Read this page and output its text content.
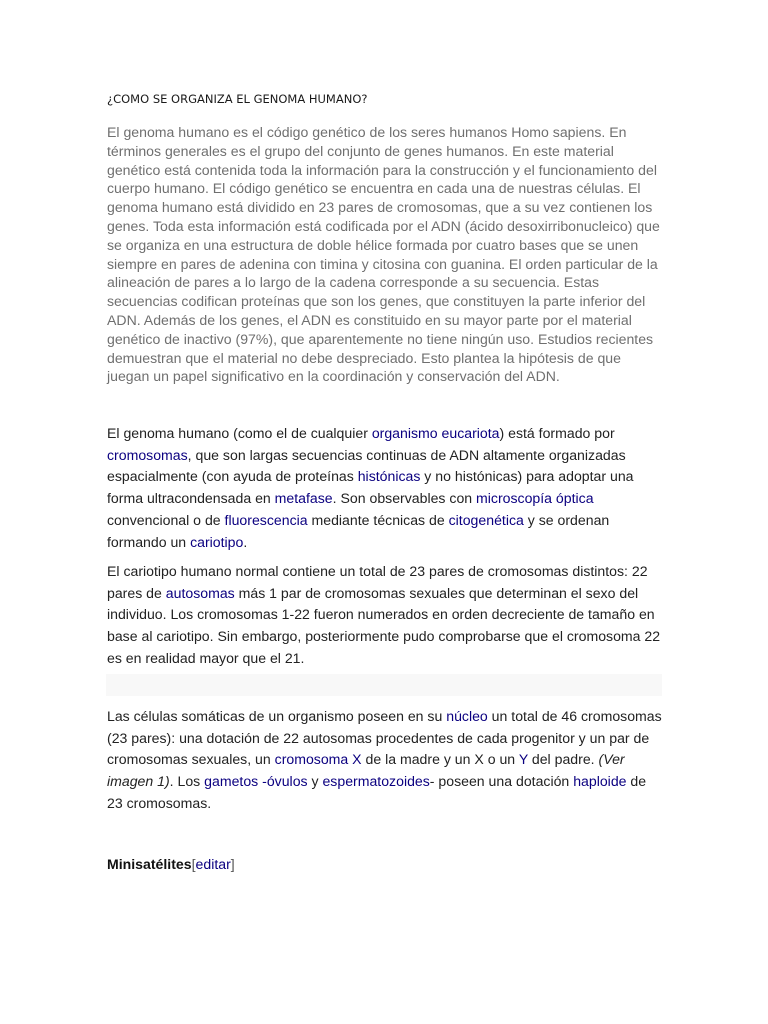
¿COMO SE ORGANIZA EL GENOMA HUMANO?

El genoma humano es el código genético de los seres humanos Homo sapiens. En términos generales es el grupo del conjunto de genes humanos. En este material genético está contenida toda la información para la construcción y el funcionamiento del cuerpo humano. El código genético se encuentra en cada una de nuestras células. El genoma humano está dividido en 23 pares de cromosomas, que a su vez contienen los genes. Toda esta información está codificada por el ADN (ácido desoxirribonucleico) que se organiza en una estructura de doble hélice formada por cuatro bases que se unen siempre en pares de adenina con timina y citosina con guanina. El orden particular de la alineación de pares a lo largo de la cadena corresponde a su secuencia. Estas secuencias codifican proteínas que son los genes, que constituyen la parte inferior del ADN. Además de los genes, el ADN es constituido en su mayor parte por el material genético de inactivo (97%), que aparentemente no tiene ningún uso. Estudios recientes demuestran que el material no debe despreciado. Esto plantea la hipótesis de que juegan un papel significativo en la coordinación y conservación del ADN.

El genoma humano (como el de cualquier organismo eucariota) está formado por cromosomas, que son largas secuencias continuas de ADN altamente organizadas espacialmente (con ayuda de proteínas histónicas y no histónicas) para adoptar una forma ultracondensada en metafase. Son observables con microscopía óptica convencional o de fluorescencia mediante técnicas de citogenética y se ordenan formando un cariotipo.

El cariotipo humano normal contiene un total de 23 pares de cromosomas distintos: 22 pares de autosomas más 1 par de cromosomas sexuales que determinan el sexo del individuo. Los cromosomas 1-22 fueron numerados en orden decreciente de tamaño en base al cariotipo. Sin embargo, posteriormente pudo comprobarse que el cromosoma 22 es en realidad mayor que el 21.

Las células somáticas de un organismo poseen en su núcleo un total de 46 cromosomas (23 pares): una dotación de 22 autosomas procedentes de cada progenitor y un par de cromosomas sexuales, un cromosoma X de la madre y un X o un Y del padre. (Ver imagen 1). Los gametos -óvulos y espermatozoides- poseen una dotación haploide de 23 cromosomas.

Minisatélites[editar]
